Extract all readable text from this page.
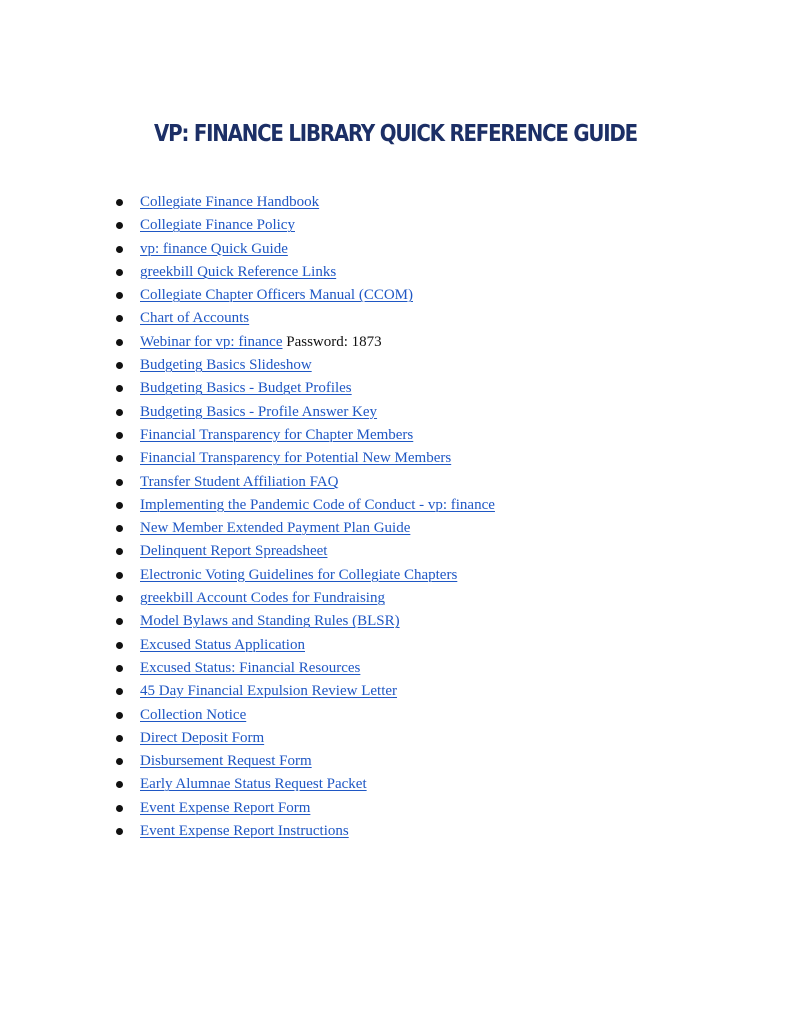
VP: FINANCE LIBRARY QUICK REFERENCE GUIDE
Collegiate Finance Handbook
Collegiate Finance Policy
vp: finance Quick Guide
greekbill Quick Reference Links
Collegiate Chapter Officers Manual (CCOM)
Chart of Accounts
Webinar for vp: finance Password: 1873
Budgeting Basics Slideshow
Budgeting Basics - Budget Profiles
Budgeting Basics - Profile Answer Key
Financial Transparency for Chapter Members
Financial Transparency for Potential New Members
Transfer Student Affiliation FAQ
Implementing the Pandemic Code of Conduct - vp: finance
New Member Extended Payment Plan Guide
Delinquent Report Spreadsheet
Electronic Voting Guidelines for Collegiate Chapters
greekbill Account Codes for Fundraising
Model Bylaws and Standing Rules (BLSR)
Excused Status Application
Excused Status: Financial Resources
45 Day Financial Expulsion Review Letter
Collection Notice
Direct Deposit Form
Disbursement Request Form
Early Alumnae Status Request Packet
Event Expense Report Form
Event Expense Report Instructions
